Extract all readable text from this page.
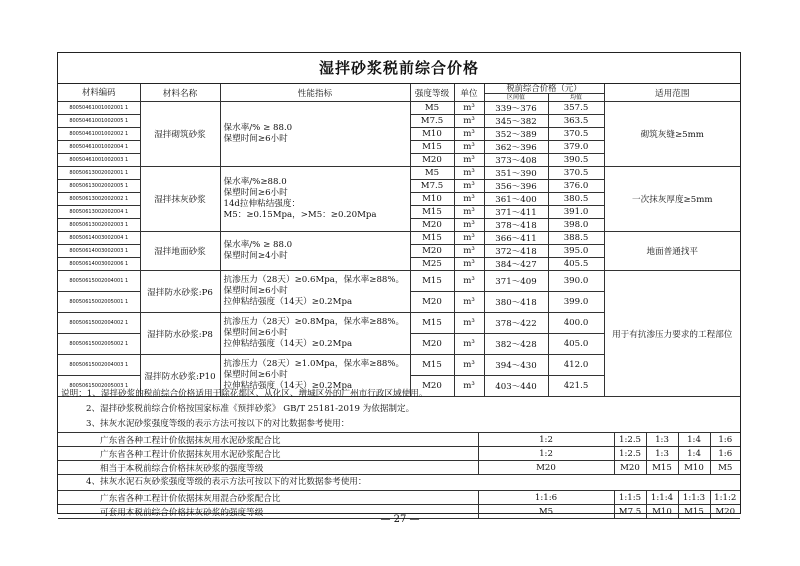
湿拌砂浆税前综合价格
材料编码	材料名称	性能指标	强度等级	单位	税前综合价格（元）		适用范围
					区间值	均值	
80050461001002001 1	湿拌砌筑砂浆	保水率/% ≥ 88.0
保塑时间≥6小时	M5	m³	339～376	357.5	砌筑灰缝≥5mm
80050461001002005 1			M7.5	m³	345～382	363.5	
80050461001002002 1			M10	m³	352～389	370.5	
80050461001002004 1			M15	m³	362～396	379.0	
80050461001002003 1			M20	m³	373～408	390.5	
80050613002002001 1	湿拌抹灰砂浆	保水率/%≥88.0
保塑时间≥6小时
14d拉伸粘结强度：
M5：≥0.15Mpa，>M5：≥0.20Mpa	M5	m³	351～390	370.5	一次抹灰厚度≥5mm
80050613002002005 1			M7.5	m³	356～396	376.0	
80050613002002002 1			M10	m³	361～400	380.5	
80050613002002004 1			M15	m³	371～411	391.0	
80050613002002003 1			M20	m³	378～418	398.0	
80050614003002004 1	湿拌地面砂浆	保水率/% ≥ 88.0
保塑时间≥4小时	M15	m³	366～411	388.5	地面普通找平
80050614003002003 1			M20	m³	372～418	395.0	
80050614003002006 1			M25	m³	384～427	405.5	
80050615002004001 1	湿拌防水砂浆:P6	抗渗压力（28天）≥0.6Mpa，保水率≥88%。
保塑时间≥6小时
拉伸粘结强度（14天）≥0.2Mpa	M15	m³	371～409	390.0	用于有抗渗压力要求的工程部位
80050615002005001 1			M20	m³	380～418	399.0	
80050615002004002 1	湿拌防水砂浆:P8	抗渗压力（28天）≥0.8Mpa，保水率≥88%。
保塑时间≥6小时
拉伸粘结强度（14天）≥0.2Mpa	M15	m³	378～422	400.0	
80050615002005002 1			M20	m³	382～428	405.0	
80050615002004003 1	湿拌防水砂浆:P10	抗渗压力（28天）≥1.0Mpa，保水率≥88%。
保塑时间≥6小时
拉伸粘结强度（14天）≥0.2Mpa	M15	m³	394～430	412.0	
80050615002005003 1			M20	m³	403～440	421.5	
说明：1、湿拌砂浆的税前综合价格适用于除花都区、从化区、增城区外的广州市行政区域使用。
2、湿拌砂浆税前综合价格按国家标准《预拌砂浆》 GB/T 25181-2019 为依据制定。
3、抹灰水泥砂浆强度等级的表示方法可按以下的对比数据参考使用：
广东省各种工程计价依据抹灰用水泥砂浆配合比	1:2	1:2.5	1:3	1:4	1:6
广东省各种工程计价依据抹灰用水泥砂浆配合比	1:2	1:2.5	1:3	1:4	1:6
相当于本税前综合价格抹灰砂浆的强度等级	M20	M20	M15	M10	M5
4、抹灰水泥石灰砂浆强度等级的表示方法可按以下的对比数据参考使用：
广东省各种工程计价依据抹灰用混合砂浆配合比	1:1:6	1:1:5	1:1:4	1:1:3	1:1:2
可套用本税前综合价格抹灰砂浆的强度等级	M5	M7.5	M10	M15	M20
— 27 —
